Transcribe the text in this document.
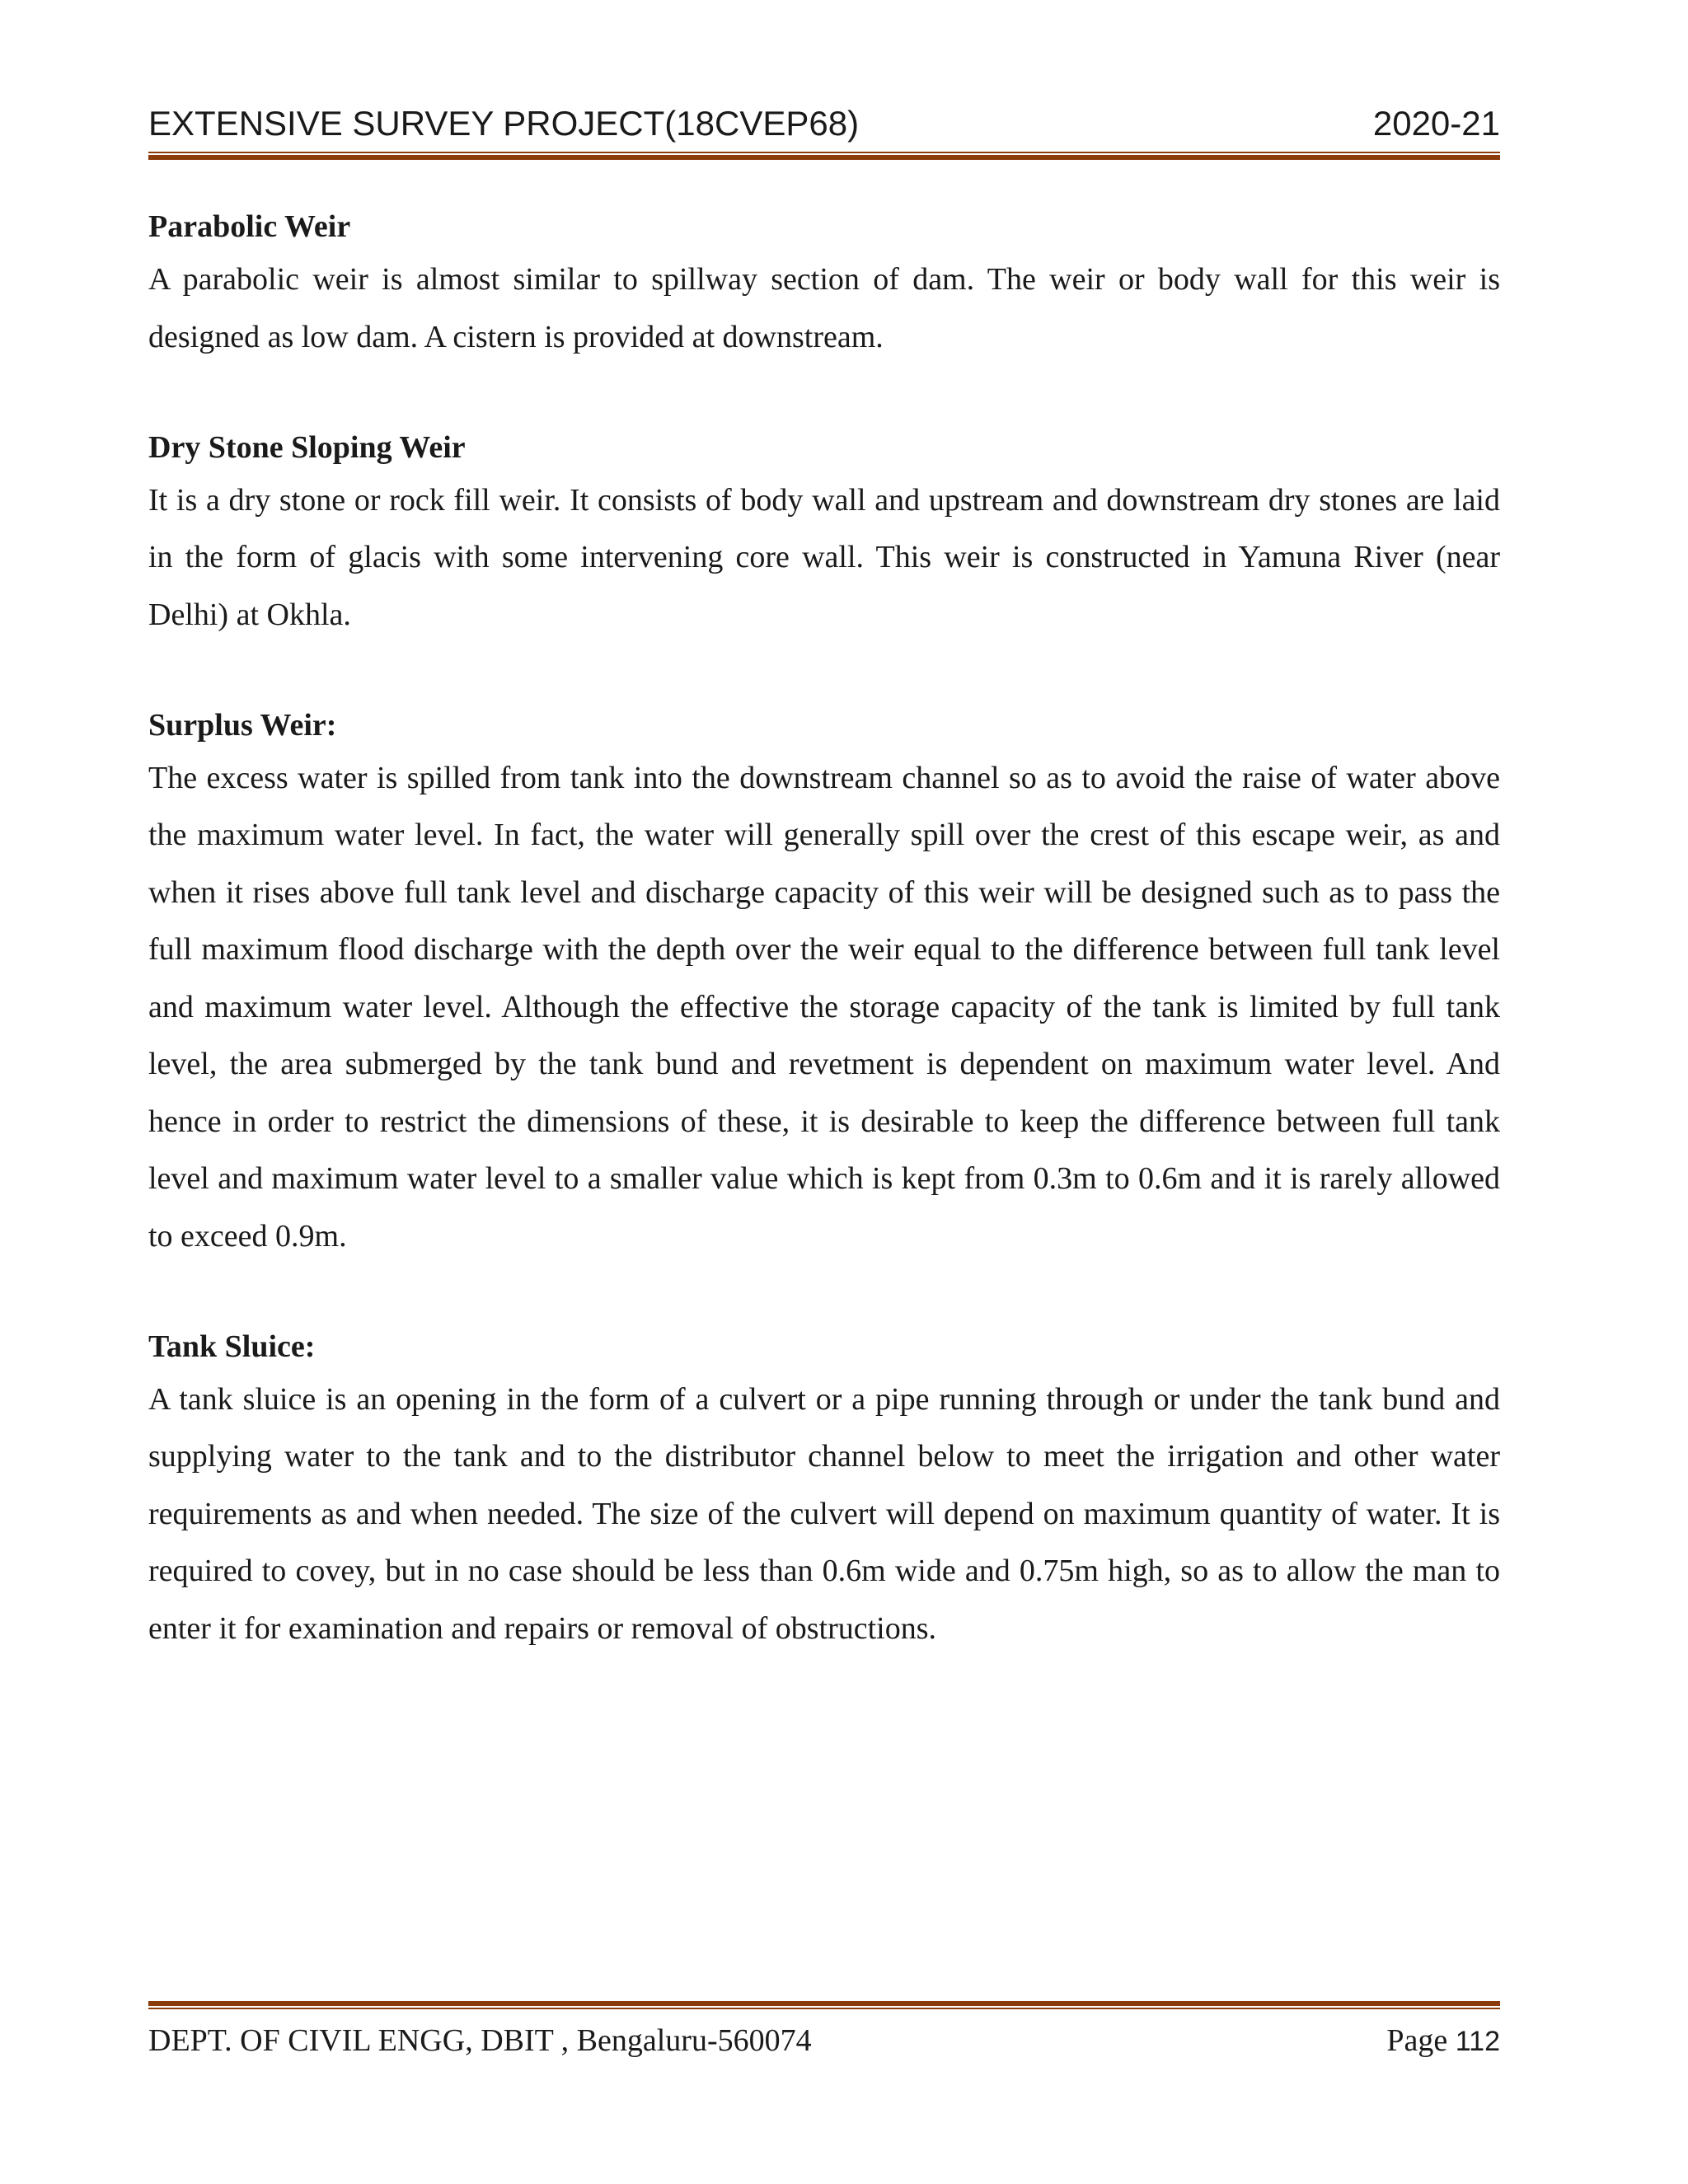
EXTENSIVE SURVEY PROJECT(18CVEP68)	2020-21
Parabolic Weir

A parabolic weir is almost similar to spillway section of dam. The weir or body wall for this weir is designed as low dam. A cistern is provided at downstream.

Dry Stone Sloping Weir

It is a dry stone or rock fill weir. It consists of body wall and upstream and downstream dry stones are laid in the form of glacis with some intervening core wall. This weir is constructed in Yamuna River (near Delhi) at Okhla.

Surplus Weir:

The excess water is spilled from tank into the downstream channel so as to avoid the raise of water above the maximum water level. In fact, the water will generally spill over the crest of this escape weir, as and when it rises above full tank level and discharge capacity of this weir will be designed such as to pass the full maximum flood discharge with the depth over the weir equal to the difference between full tank level and maximum water level. Although the effective the storage capacity of the tank is limited by full tank level, the area submerged by the tank bund and revetment is dependent on maximum water level. And hence in order to restrict the dimensions of these, it is desirable to keep the difference between full tank level and maximum water level to a smaller value which is kept from 0.3m to 0.6m and it is rarely allowed to exceed 0.9m.

Tank Sluice:

A tank sluice is an opening in the form of a culvert or a pipe running through or under the tank bund and supplying water to the tank and to the distributor channel below to meet the irrigation and other water requirements as and when needed. The size of the culvert will depend on maximum quantity of water. It is required to covey, but in no case should be less than 0.6m wide and 0.75m high, so as to allow the man to enter it for examination and repairs or removal of obstructions.

DEPT. OF CIVIL ENGG, DBIT , Bengaluru-560074	Page 112
